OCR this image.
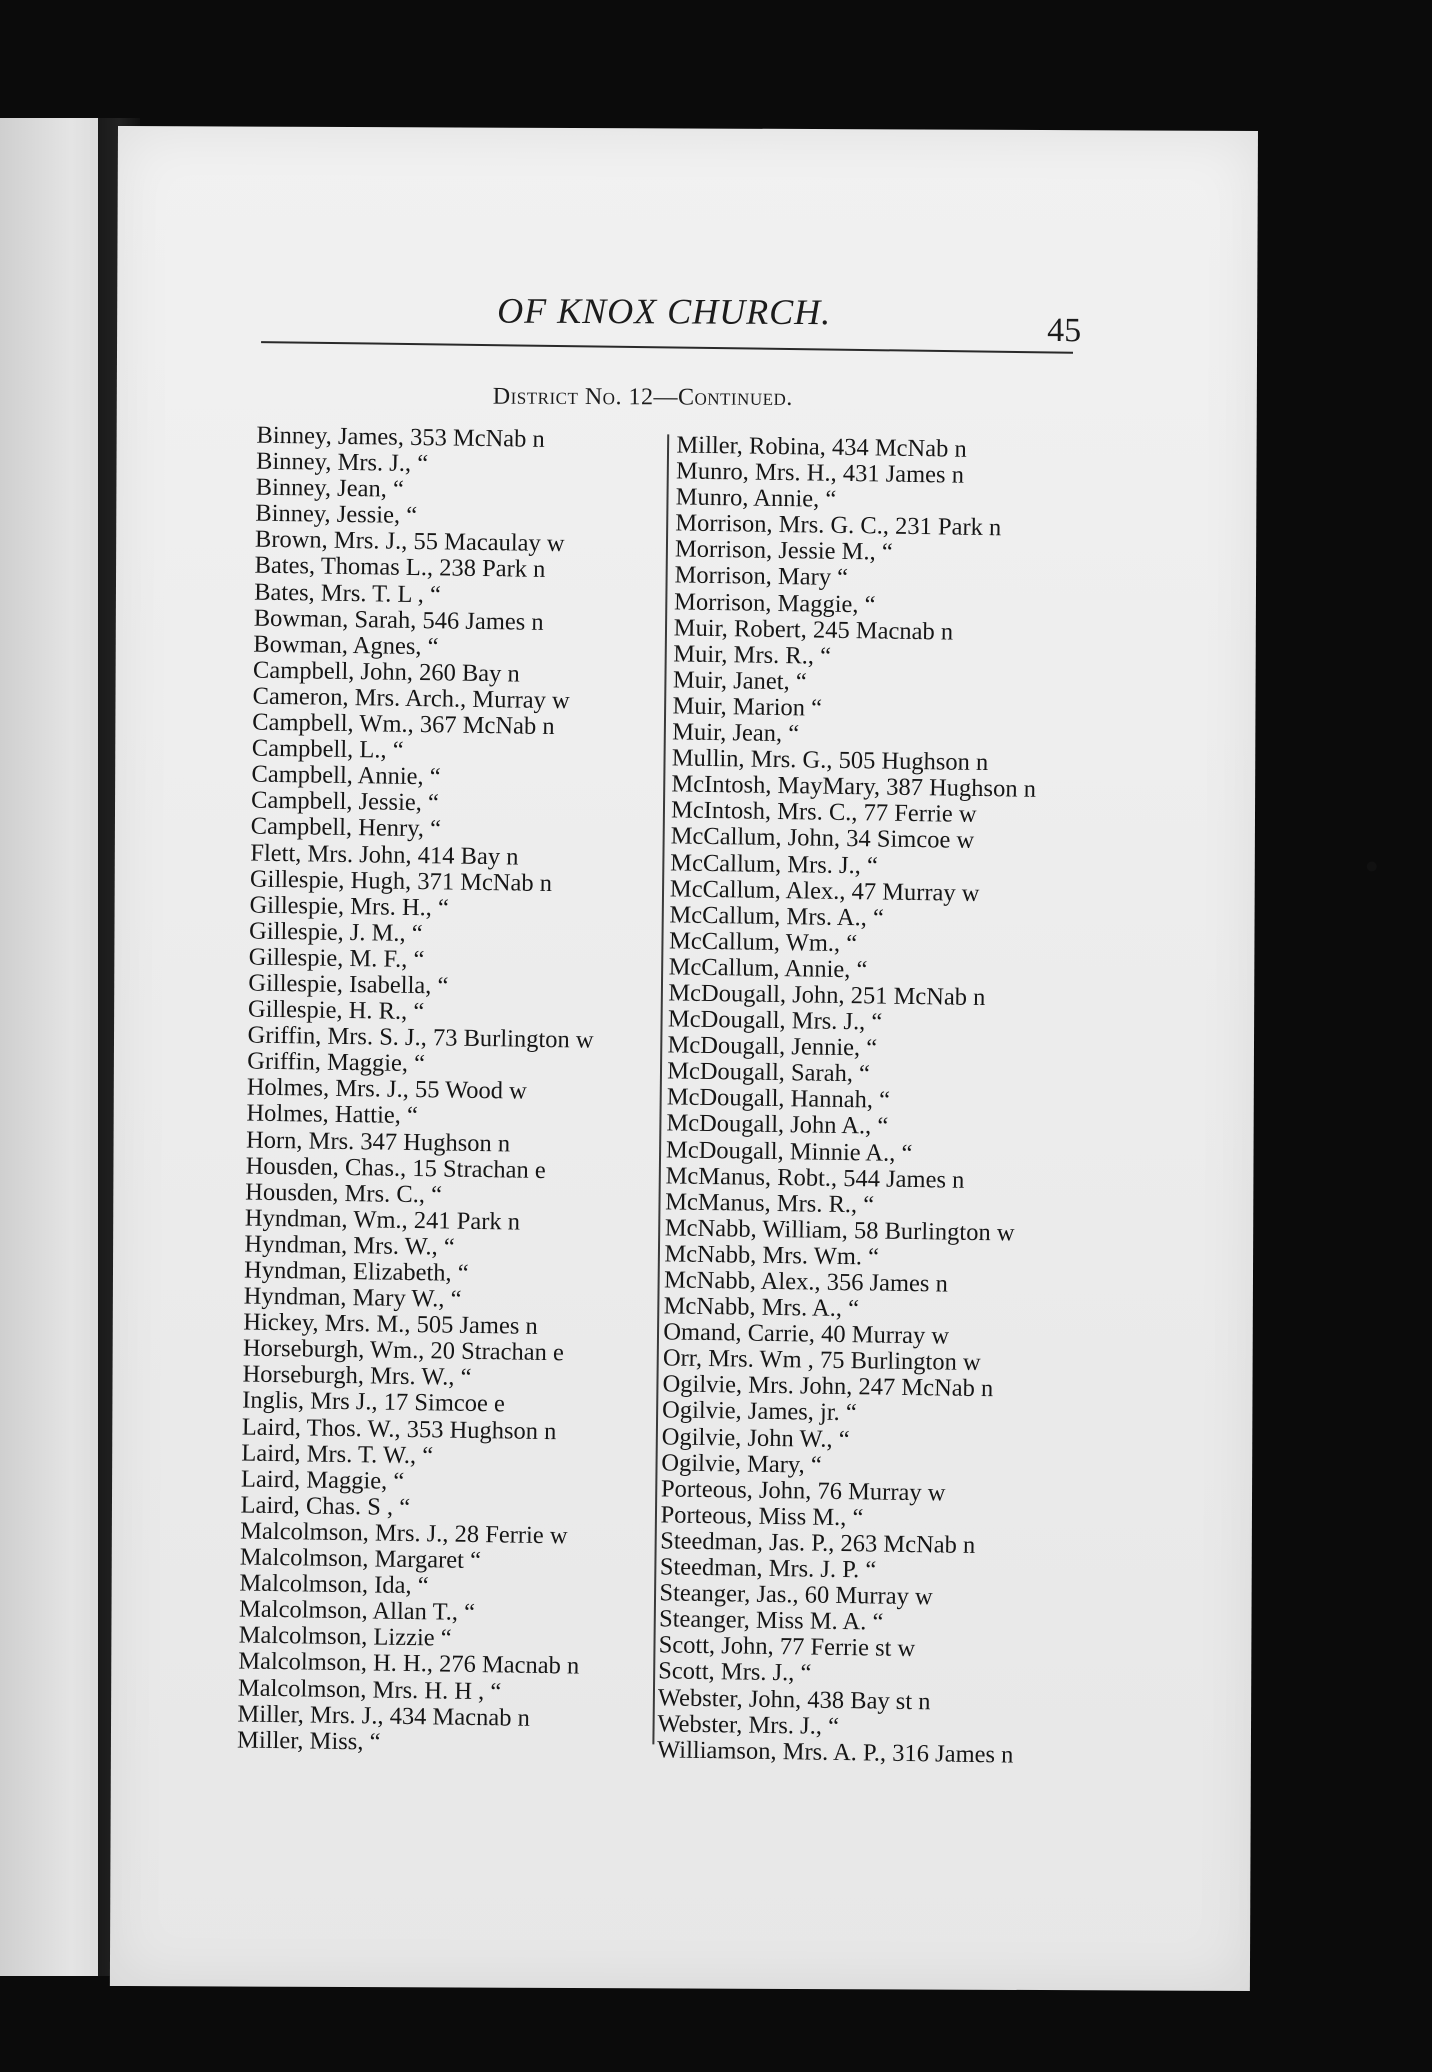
OF KNOX CHURCH.	45
District No. 12—Continued.
Binney, James, 353 McNab n
Binney, Mrs. J., “
Binney, Jean, “
Binney, Jessie, “
Brown, Mrs. J., 55 Macaulay w
Bates, Thomas L., 238 Park n
Bates, Mrs. T. L , “
Bowman, Sarah, 546 James n
Bowman, Agnes, “
Campbell, John, 260 Bay n
Cameron, Mrs. Arch., Murray w
Campbell, Wm., 367 McNab n
Campbell, L., “
Campbell, Annie, “
Campbell, Jessie, “
Campbell, Henry, “
Flett, Mrs. John, 414 Bay n
Gillespie, Hugh, 371 McNab n
Gillespie, Mrs. H., “
Gillespie, J. M., “
Gillespie, M. F., “
Gillespie, Isabella, “
Gillespie, H. R., “
Griffin, Mrs. S. J., 73 Burlington w
Griffin, Maggie, “
Holmes, Mrs. J., 55 Wood w
Holmes, Hattie, “
Horn, Mrs. 347 Hughson n
Housden, Chas., 15 Strachan e
Housden, Mrs. C., “
Hyndman, Wm., 241 Park n
Hyndman, Mrs. W., “
Hyndman, Elizabeth, “
Hyndman, Mary W., “
Hickey, Mrs. M., 505 James n
Horseburgh, Wm., 20 Strachan e
Horseburgh, Mrs. W., “
Inglis, Mrs J., 17 Simcoe e
Laird, Thos. W., 353 Hughson n
Laird, Mrs. T. W., “
Laird, Maggie, “
Laird, Chas. S , “
Malcolmson, Mrs. J., 28 Ferrie w
Malcolmson, Margaret “
Malcolmson, Ida, “
Malcolmson, Allan T., “
Malcolmson, Lizzie “
Malcolmson, H. H., 276 Macnab n
Malcolmson, Mrs. H. H , “
Miller, Mrs. J., 434 Macnab n
Miller, Miss, “
Miller, Robina, 434 McNab n
Munro, Mrs. H., 431 James n
Munro, Annie, “
Morrison, Mrs. G. C., 231 Park n
Morrison, Jessie M., “
Morrison, Mary “
Morrison, Maggie, “
Muir, Robert, 245 Macnab n
Muir, Mrs. R., “
Muir, Janet, “
Muir, Marion “
Muir, Jean, “
Mullin, Mrs. G., 505 Hughson n
McIntosh, MayMary, 387 Hughson n
McIntosh, Mrs. C., 77 Ferrie w
McCallum, John, 34 Simcoe w
McCallum, Mrs. J., “
McCallum, Alex., 47 Murray w
McCallum, Mrs. A., “
McCallum, Wm., “
McCallum, Annie, “
McDougall, John, 251 McNab n
McDougall, Mrs. J., “
McDougall, Jennie, “
McDougall, Sarah, “
McDougall, Hannah, “
McDougall, John A., “
McDougall, Minnie A., “
McManus, Robt., 544 James n
McManus, Mrs. R., “
McNabb, William, 58 Burlington w
McNabb, Mrs. Wm. “
McNabb, Alex., 356 James n
McNabb, Mrs. A., “
Omand, Carrie, 40 Murray w
Orr, Mrs. Wm , 75 Burlington w
Ogilvie, Mrs. John, 247 McNab n
Ogilvie, James, jr. “
Ogilvie, John W., “
Ogilvie, Mary, “
Porteous, John, 76 Murray w
Porteous, Miss M., “
Steedman, Jas. P., 263 McNab n
Steedman, Mrs. J. P. “
Steanger, Jas., 60 Murray w
Steanger, Miss M. A. “
Scott, John, 77 Ferrie st w
Scott, Mrs. J., “
Webster, John, 438 Bay st n
Webster, Mrs. J., “
Williamson, Mrs. A. P., 316 James n
